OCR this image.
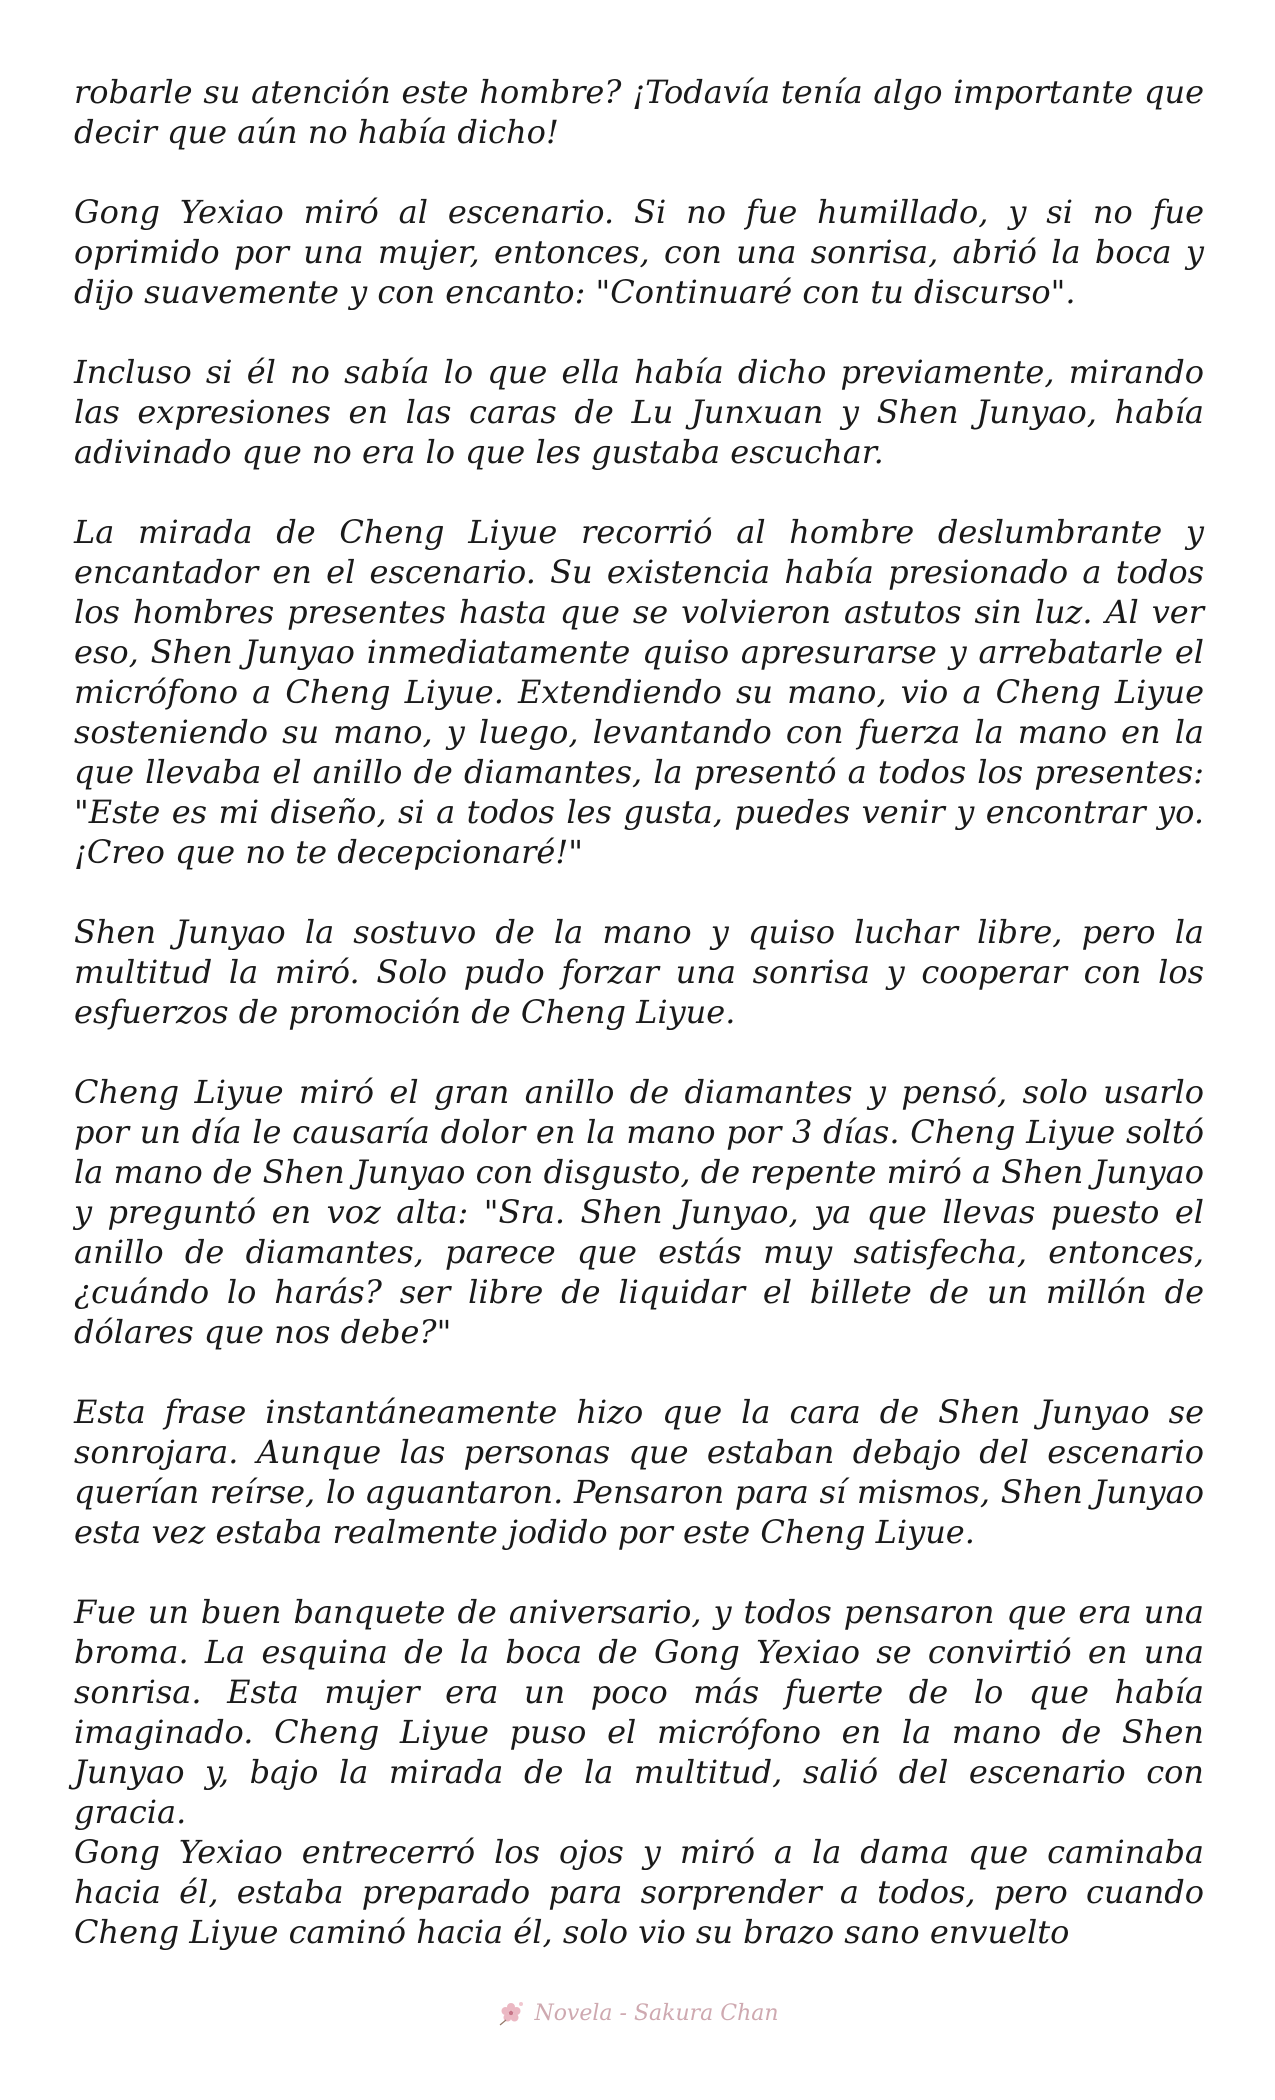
robarle su atención este hombre? ¡Todavía tenía algo importante que decir que aún no había dicho!

Gong Yexiao miró al escenario. Si no fue humillado, y si no fue oprimido por una mujer, entonces, con una sonrisa, abrió la boca y dijo suavemente y con encanto: "Continuaré con tu discurso".

Incluso si él no sabía lo que ella había dicho previamente, mirando las expresiones en las caras de Lu Junxuan y Shen Junyao, había adivinado que no era lo que les gustaba escuchar.

La mirada de Cheng Liyue recorrió al hombre deslumbrante y encantador en el escenario. Su existencia había presionado a todos los hombres presentes hasta que se volvieron astutos sin luz. Al ver eso, Shen Junyao inmediatamente quiso apresurarse y arrebatarle el micrófono a Cheng Liyue. Extendiendo su mano, vio a Cheng Liyue sosteniendo su mano, y luego, levantando con fuerza la mano en la que llevaba el anillo de diamantes, la presentó a todos los presentes: "Este es mi diseño, si a todos les gusta, puedes venir y encontrar yo. ¡Creo que no te decepcionaré!"

Shen Junyao la sostuvo de la mano y quiso luchar libre, pero la multitud la miró. Solo pudo forzar una sonrisa y cooperar con los esfuerzos de promoción de Cheng Liyue.

Cheng Liyue miró el gran anillo de diamantes y pensó, solo usarlo por un día le causaría dolor en la mano por 3 días. Cheng Liyue soltó la mano de Shen Junyao con disgusto, de repente miró a Shen Junyao y preguntó en voz alta: "Sra. Shen Junyao, ya que llevas puesto el anillo de diamantes, parece que estás muy satisfecha, entonces, ¿cuándo lo harás? ser libre de liquidar el billete de un millón de dólares que nos debe?"

Esta frase instantáneamente hizo que la cara de Shen Junyao se sonrojara. Aunque las personas que estaban debajo del escenario querían reírse, lo aguantaron. Pensaron para sí mismos, Shen Junyao esta vez estaba realmente jodido por este Cheng Liyue.

Fue un buen banquete de aniversario, y todos pensaron que era una broma. La esquina de la boca de Gong Yexiao se convirtió en una sonrisa. Esta mujer era un poco más fuerte de lo que había imaginado. Cheng Liyue puso el micrófono en la mano de Shen Junyao y, bajo la mirada de la multitud, salió del escenario con gracia.

Gong Yexiao entrecerró los ojos y miró a la dama que caminaba hacia él, estaba preparado para sorprender a todos, pero cuando Cheng Liyue caminó hacia él, solo vio su brazo sano envuelto

Novela - Sakura Chan
